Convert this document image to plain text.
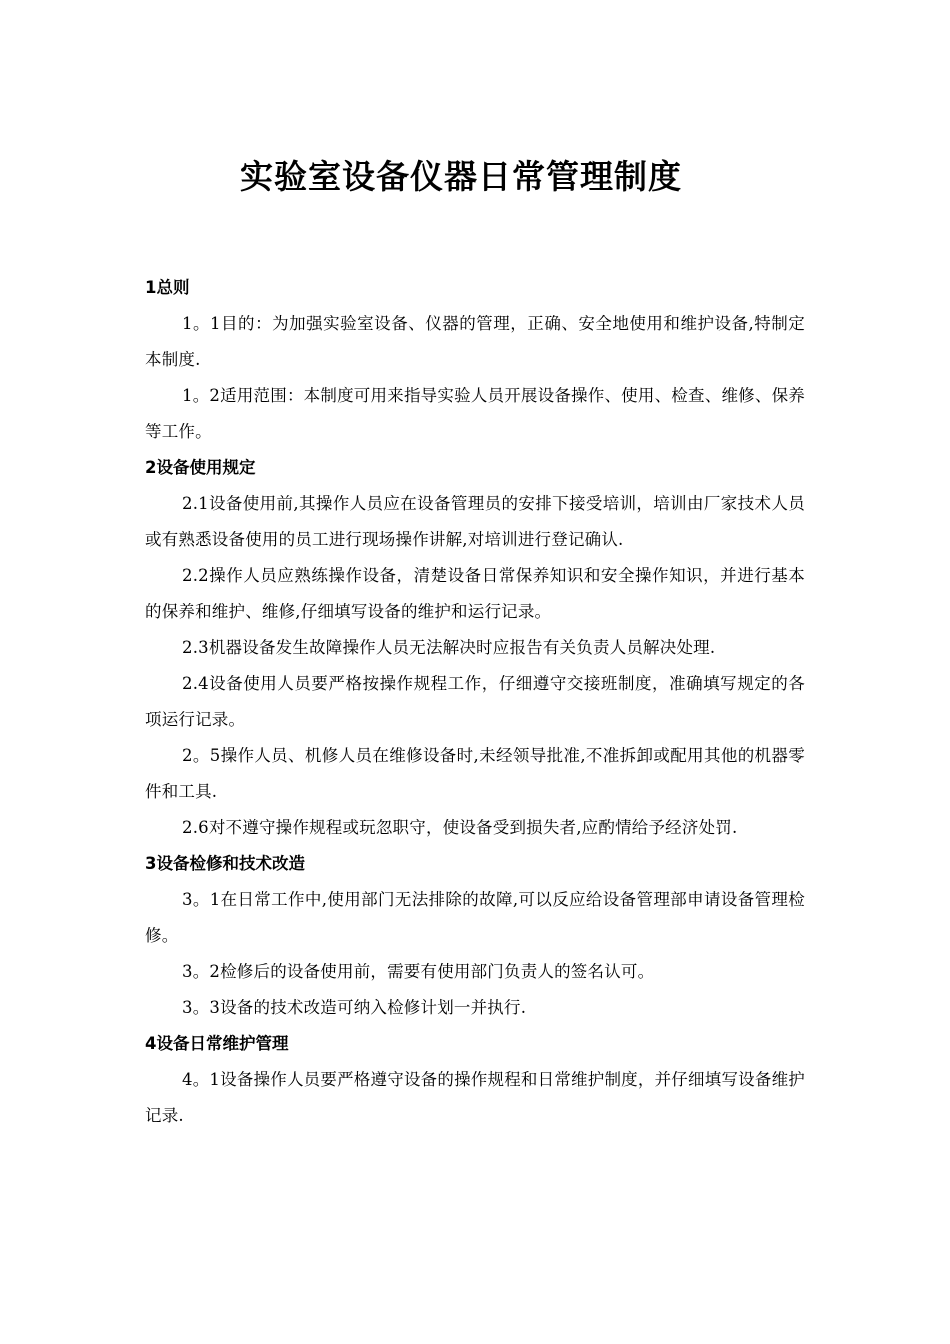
实验室设备仪器日常管理制度

1总则

1。1目的：为加强实验室设备、仪器的管理，正确、安全地使用和维护设备,特制定本制度.

1。2适用范围：本制度可用来指导实验人员开展设备操作、使用、检查、维修、保养等工作。

2设备使用规定

2.1设备使用前,其操作人员应在设备管理员的安排下接受培训，培训由厂家技术人员或有熟悉设备使用的员工进行现场操作讲解,对培训进行登记确认.

2.2操作人员应熟练操作设备，清楚设备日常保养知识和安全操作知识，并进行基本的保养和维护、维修,仔细填写设备的维护和运行记录。

2.3机器设备发生故障操作人员无法解决时应报告有关负责人员解决处理.

2.4设备使用人员要严格按操作规程工作，仔细遵守交接班制度，准确填写规定的各项运行记录。

2。5操作人员、机修人员在维修设备时,未经领导批准,不准拆卸或配用其他的机器零件和工具.

2.6对不遵守操作规程或玩忽职守，使设备受到损失者,应酌情给予经济处罚.

3设备检修和技术改造

3。1在日常工作中,使用部门无法排除的故障,可以反应给设备管理部申请设备管理检修。

3。2检修后的设备使用前，需要有使用部门负责人的签名认可。

3。3设备的技术改造可纳入检修计划一并执行.

4设备日常维护管理

4。1设备操作人员要严格遵守设备的操作规程和日常维护制度，并仔细填写设备维护记录.
